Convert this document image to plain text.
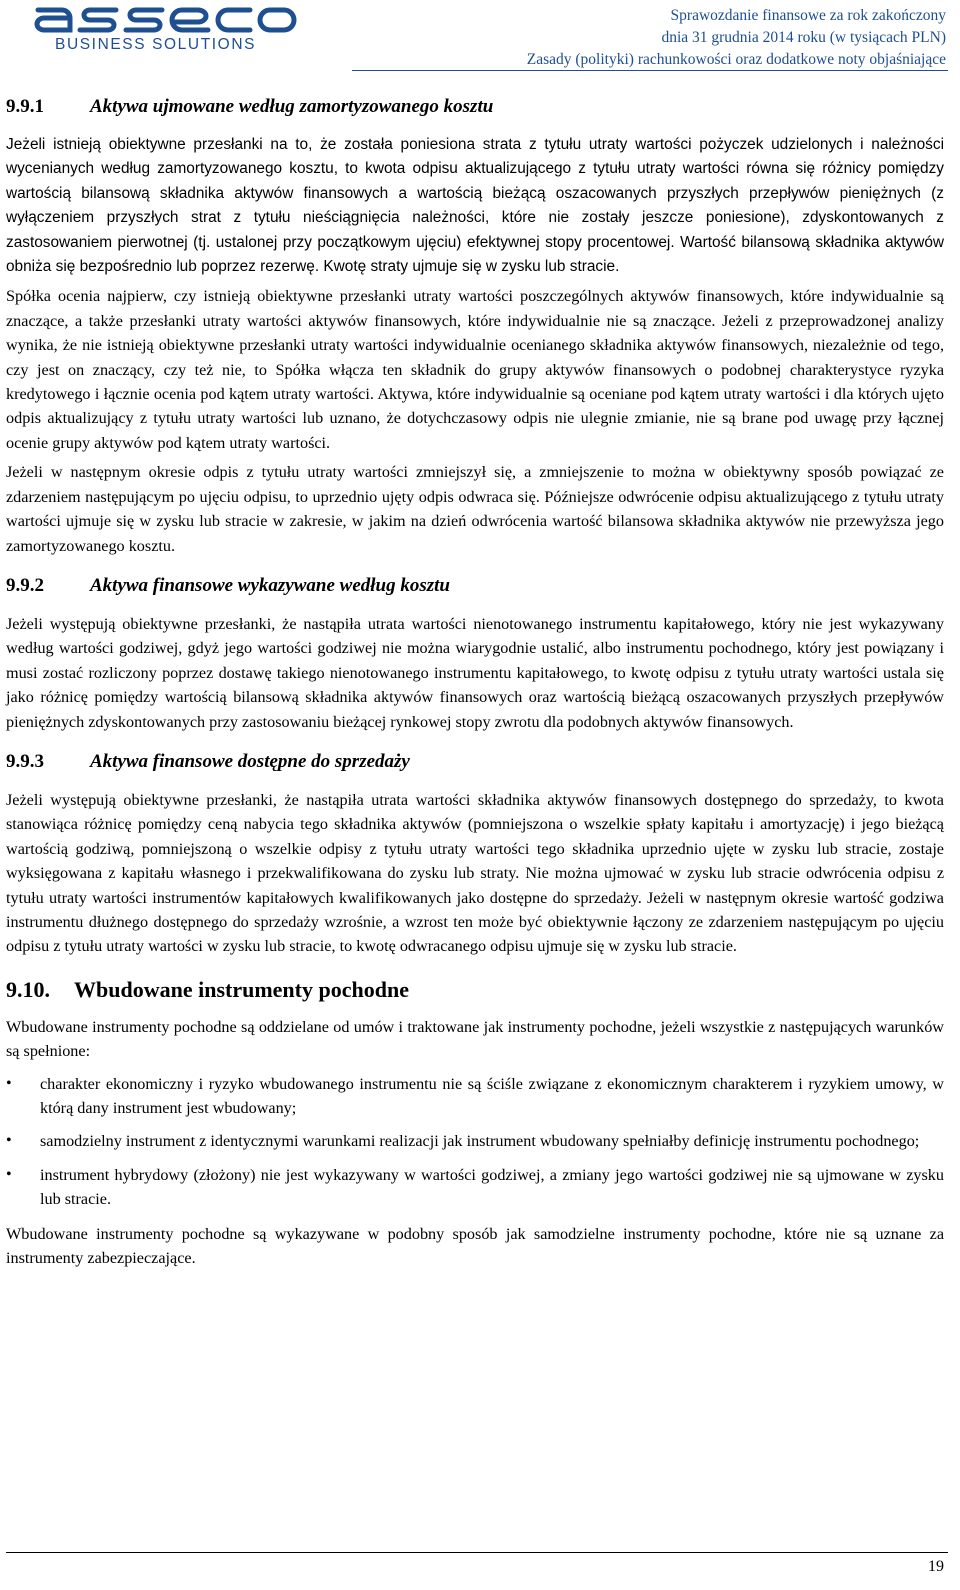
BUSINESS SOLUTIONS
Sprawozdanie finansowe za rok zakończony
dnia 31 grudnia 2014 roku (w tysiącach PLN)
Zasady (polityki) rachunkowości oraz dodatkowe noty objaśniające
9.9.1	Aktywa ujmowane według zamortyzowanego kosztu

Jeżeli istnieją obiektywne przesłanki na to, że została poniesiona strata z tytułu utraty wartości pożyczek udzielonych i należności wycenianych według zamortyzowanego kosztu, to kwota odpisu aktualizującego z tytułu utraty wartości równa się różnicy pomiędzy wartością bilansową składnika aktywów finansowych a wartością bieżącą oszacowanych przyszłych przepływów pieniężnych (z wyłączeniem przyszłych strat z tytułu nieściągnięcia należności, które nie zostały jeszcze poniesione), zdyskontowanych z zastosowaniem pierwotnej (tj. ustalonej przy początkowym ujęciu) efektywnej stopy procentowej. Wartość bilansową składnika aktywów obniża się bezpośrednio lub poprzez rezerwę. Kwotę straty ujmuje się w zysku lub stracie.

Spółka ocenia najpierw, czy istnieją obiektywne przesłanki utraty wartości poszczególnych aktywów finansowych, które indywidualnie są znaczące, a także przesłanki utraty wartości aktywów finansowych, które indywidualnie nie są znaczące. Jeżeli z przeprowadzonej analizy wynika, że nie istnieją obiektywne przesłanki utraty wartości indywidualnie ocenianego składnika aktywów finansowych, niezależnie od tego, czy jest on znaczący, czy też nie, to Spółka włącza ten składnik do grupy aktywów finansowych o podobnej charakterystyce ryzyka kredytowego i łącznie ocenia pod kątem utraty wartości. Aktywa, które indywidualnie są oceniane pod kątem utraty wartości i dla których ujęto odpis aktualizujący z tytułu utraty wartości lub uznano, że dotychczasowy odpis nie ulegnie zmianie, nie są brane pod uwagę przy łącznej ocenie grupy aktywów pod kątem utraty wartości.

Jeżeli w następnym okresie odpis z tytułu utraty wartości zmniejszył się, a zmniejszenie to można w obiektywny sposób powiązać ze zdarzeniem następującym po ujęciu odpisu, to uprzednio ujęty odpis odwraca się. Późniejsze odwrócenie odpisu aktualizującego z tytułu utraty wartości ujmuje się w zysku lub stracie w zakresie, w jakim na dzień odwrócenia wartość bilansowa składnika aktywów nie przewyższa jego zamortyzowanego kosztu.

9.9.2	Aktywa finansowe wykazywane według kosztu

Jeżeli występują obiektywne przesłanki, że nastąpiła utrata wartości nienotowanego instrumentu kapitałowego, który nie jest wykazywany według wartości godziwej, gdyż jego wartości godziwej nie można wiarygodnie ustalić, albo instrumentu pochodnego, który jest powiązany i musi zostać rozliczony poprzez dostawę takiego nienotowanego instrumentu kapitałowego, to kwotę odpisu z tytułu utraty wartości ustala się jako różnicę pomiędzy wartością bilansową składnika aktywów finansowych oraz wartością bieżącą oszacowanych przyszłych przepływów pieniężnych zdyskontowanych przy zastosowaniu bieżącej rynkowej stopy zwrotu dla podobnych aktywów finansowych.

9.9.3	Aktywa finansowe dostępne do sprzedaży

Jeżeli występują obiektywne przesłanki, że nastąpiła utrata wartości składnika aktywów finansowych dostępnego do sprzedaży, to kwota stanowiąca różnicę pomiędzy ceną nabycia tego składnika aktywów (pomniejszona o wszelkie spłaty kapitału i amortyzację) i jego bieżącą wartością godziwą, pomniejszoną o wszelkie odpisy z tytułu utraty wartości tego składnika uprzednio ujęte w zysku lub stracie, zostaje wyksięgowana z kapitału własnego i przekwalifikowana do zysku lub straty. Nie można ujmować w zysku lub stracie odwrócenia odpisu z tytułu utraty wartości instrumentów kapitałowych kwalifikowanych jako dostępne do sprzedaży. Jeżeli w następnym okresie wartość godziwa instrumentu dłużnego dostępnego do sprzedaży wzrośnie, a wzrost ten może być obiektywnie łączony ze zdarzeniem następującym po ujęciu odpisu z tytułu utraty wartości w zysku lub stracie, to kwotę odwracanego odpisu ujmuje się w zysku lub stracie.

9.10.	Wbudowane instrumenty pochodne

Wbudowane instrumenty pochodne są oddzielane od umów i traktowane jak instrumenty pochodne, jeżeli wszystkie z następujących warunków są spełnione:

•	charakter ekonomiczny i ryzyko wbudowanego instrumentu nie są ściśle związane z ekonomicznym charakterem i ryzykiem umowy, w którą dany instrument jest wbudowany;
•	samodzielny instrument z identycznymi warunkami realizacji jak instrument wbudowany spełniałby definicję instrumentu pochodnego;
•	instrument hybrydowy (złożony) nie jest wykazywany w wartości godziwej, a zmiany jego wartości godziwej nie są ujmowane w zysku lub stracie.

Wbudowane instrumenty pochodne są wykazywane w podobny sposób jak samodzielne instrumenty pochodne, które nie są uznane za instrumenty zabezpieczające.

19
